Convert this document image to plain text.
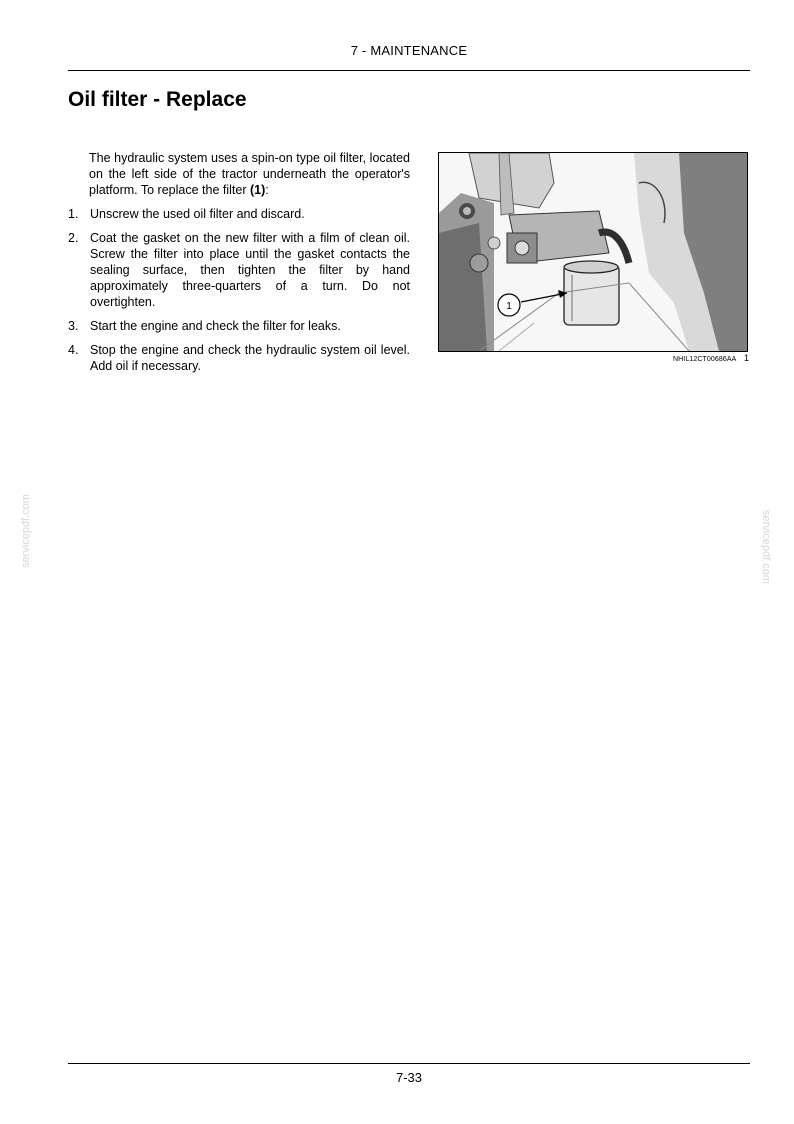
7 - MAINTENANCE
Oil filter - Replace

The hydraulic system uses a spin-on type oil filter, located on the left side of the tractor underneath the operator's platform. To replace the filter (1):

1. Unscrew the used oil filter and discard.
2. Coat the gasket on the new filter with a film of clean oil. Screw the filter into place until the gasket contacts the sealing surface, then tighten the filter by hand approximately three-quarters of a turn. Do not overtighten.
3. Start the engine and check the filter for leaks.
4. Stop the engine and check the hydraulic system oil level. Add oil if necessary.
1
NHIL12CT00686AA 1
servicepdf.com	servicepdf.com
7-33
